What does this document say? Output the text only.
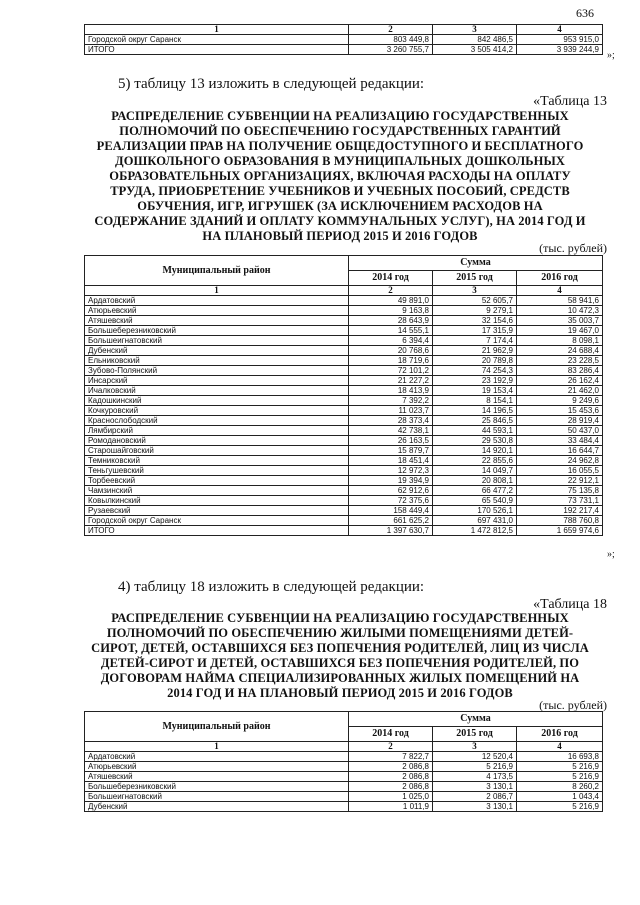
636
1	2	3	4
Городской округ Саранск	803 449,8	842 486,5	953 915,0
ИТОГО	3 260 755,7	3 505 414,2	3 939 244,9
»;
5) таблицу 13 изложить в следующей редакции:
«Таблица 13
РАСПРЕДЕЛЕНИЕ СУБВЕНЦИИ НА РЕАЛИЗАЦИЮ ГОСУДАРСТВЕННЫХ
ПОЛНОМОЧИЙ ПО ОБЕСПЕЧЕНИЮ ГОСУДАРСТВЕННЫХ ГАРАНТИЙ
РЕАЛИЗАЦИИ ПРАВ НА ПОЛУЧЕНИЕ ОБЩЕДОСТУПНОГО И БЕСПЛАТНОГО
ДОШКОЛЬНОГО ОБРАЗОВАНИЯ В МУНИЦИПАЛЬНЫХ ДОШКОЛЬНЫХ
ОБРАЗОВАТЕЛЬНЫХ ОРГАНИЗАЦИЯХ, ВКЛЮЧАЯ РАСХОДЫ НА ОПЛАТУ
ТРУДА, ПРИОБРЕТЕНИЕ УЧЕБНИКОВ И УЧЕБНЫХ ПОСОБИЙ, СРЕДСТВ
ОБУЧЕНИЯ, ИГР, ИГРУШЕК (ЗА ИСКЛЮЧЕНИЕМ РАСХОДОВ НА
СОДЕРЖАНИЕ ЗДАНИЙ И ОПЛАТУ КОММУНАЛЬНЫХ УСЛУГ), НА 2014 ГОД И
НА ПЛАНОВЫЙ ПЕРИОД 2015 И 2016 ГОДОВ
(тыс. рублей)
Муниципальный район	Сумма		
	2014 год	2015 год	2016 год
1	2	3	4
Ардатовский	49 891,0	52 605,7	58 941,6
Атюрьевский	9 163,8	9 279,1	10 472,3
Атяшевский	28 643,9	32 154,6	35 003,7
Большеберезниковский	14 555,1	17 315,9	19 467,0
Большеигнатовский	6 394,4	7 174,4	8 098,1
Дубенский	20 768,6	21 962,9	24 688,4
Ельниковский	18 719,6	20 789,8	23 228,5
Зубово-Полянский	72 101,2	74 254,3	83 286,4
Инсарский	21 227,2	23 192,9	26 162,4
Ичалковский	18 413,9	19 153,4	21 462,0
Кадошкинский	7 392,2	8 154,1	9 249,6
Кочкуровский	11 023,7	14 196,5	15 453,6
Краснослободский	28 373,4	25 846,5	28 919,4
Лямбирский	42 738,1	44 593,1	50 437,0
Ромодановский	26 163,5	29 530,8	33 484,4
Старошайговский	15 879,7	14 920,1	16 644,7
Темниковский	18 451,4	22 855,6	24 962,8
Теньгушевский	12 972,3	14 049,7	16 055,5
Торбеевский	19 394,9	20 808,1	22 912,1
Чамзинский	62 912,6	66 477,2	75 135,8
Ковылкинский	72 375,6	65 540,9	73 731,1
Рузаевский	158 449,4	170 526,1	192 217,4
Городской округ Саранск	661 625,2	697 431,0	788 760,8
ИТОГО	1 397 630,7	1 472 812,5	1 659 974,6
»;
4) таблицу 18 изложить в следующей редакции:
«Таблица 18
РАСПРЕДЕЛЕНИЕ СУБВЕНЦИИ НА РЕАЛИЗАЦИЮ ГОСУДАРСТВЕННЫХ
ПОЛНОМОЧИЙ ПО ОБЕСПЕЧЕНИЮ ЖИЛЫМИ ПОМЕЩЕНИЯМИ ДЕТЕЙ-
СИРОТ, ДЕТЕЙ, ОСТАВШИХСЯ БЕЗ ПОПЕЧЕНИЯ РОДИТЕЛЕЙ, ЛИЦ ИЗ ЧИСЛА
ДЕТЕЙ-СИРОТ И ДЕТЕЙ, ОСТАВШИХСЯ БЕЗ ПОПЕЧЕНИЯ РОДИТЕЛЕЙ, ПО
ДОГОВОРАМ НАЙМА СПЕЦИАЛИЗИРОВАННЫХ ЖИЛЫХ ПОМЕЩЕНИЙ НА
2014 ГОД И НА ПЛАНОВЫЙ ПЕРИОД 2015 И 2016 ГОДОВ
(тыс. рублей)
Муниципальный район	Сумма		
	2014 год	2015 год	2016 год
1	2	3	4
Ардатовский	7 822,7	12 520,4	16 693,8
Атюрьевский	2 086,8	5 216,9	5 216,9
Атяшевский	2 086,8	4 173,5	5 216,9
Большеберезниковский	2 086,8	3 130,1	8 260,2
Большеигнатовский	1 025,0	2 086,7	1 043,4
Дубенский	1 011,9	3 130,1	5 216,9
